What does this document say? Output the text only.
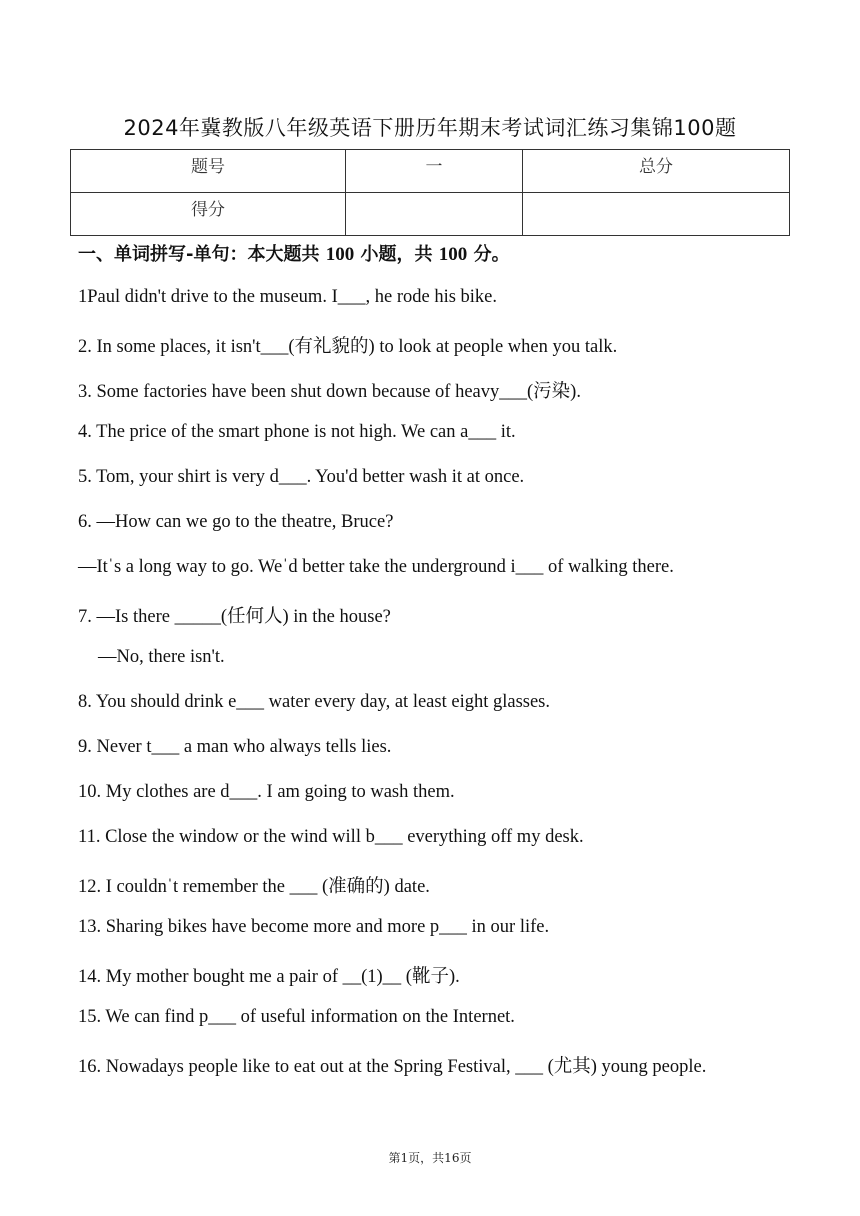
2024年冀教版八年级英语下册历年期末考试词汇练习集锦100题
题号	一	总分
得分		
一、单词拼写-单句：本大题共 100 小题，共 100 分。
1Paul didn't drive to the museum. I___, he rode his bike.
2. In some places, it isn't___(有礼貌的) to look at people when you talk.
3. Some factories have been shut down because of heavy___(污染).
4. The price of the smart phone is not high. We can a___ it.
5. Tom, your shirt is very d___. You'd better wash it at once.
6. —How can we go to the theatre, Bruce?
—Itˈs a long way to go. Weˈd better take the underground i___ of walking there.
7. —Is there _____(任何人) in the house?
—No, there isn't.
8. You should drink e___ water every day, at least eight glasses.
9. Never t___ a man who always tells lies.
10. My clothes are d___. I am going to wash them.
11. Close the window or the wind will b___ everything off my desk.
12. I couldnˈt remember the ___ (准确的) date.
13. Sharing bikes have become more and more p___ in our life.
14. My mother bought me a pair of __(1)__ (靴子).
15. We can find p___ of useful information on the Internet.
16. Nowadays people like to eat out at the Spring Festival, ___ (尤其) young people.
第1页，共16页
